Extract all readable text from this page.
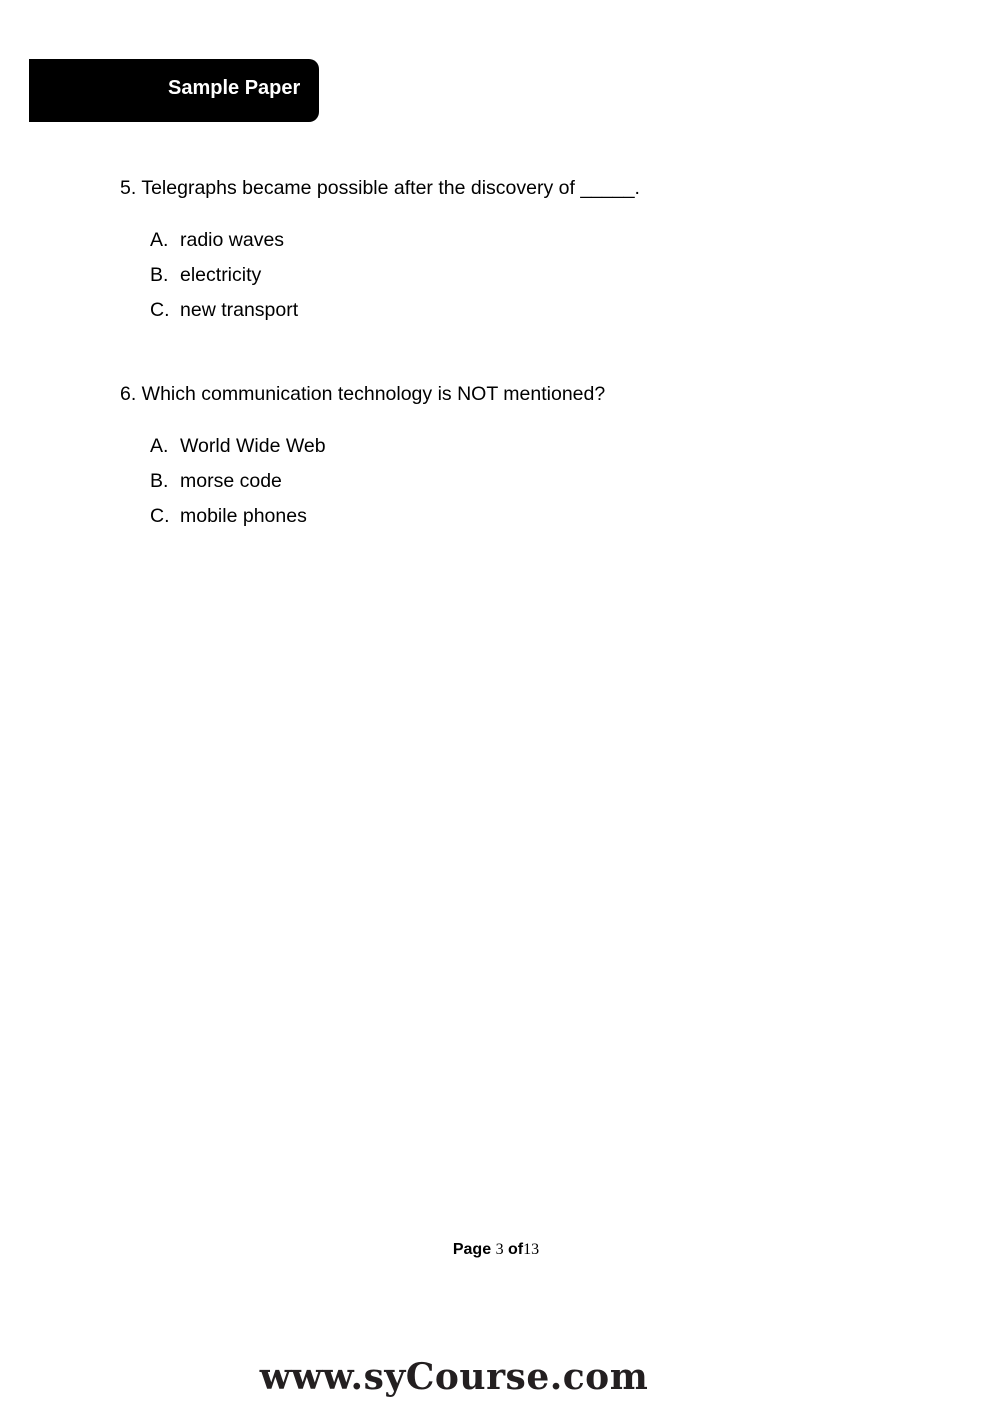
Sample Paper
5. Telegraphs became possible after the discovery of _____.
A. radio waves
B. electricity
C. new transport
6. Which communication technology is NOT mentioned?
A. World Wide Web
B. morse code
C. mobile phones
Page 3 of13
www.syCourse.com
